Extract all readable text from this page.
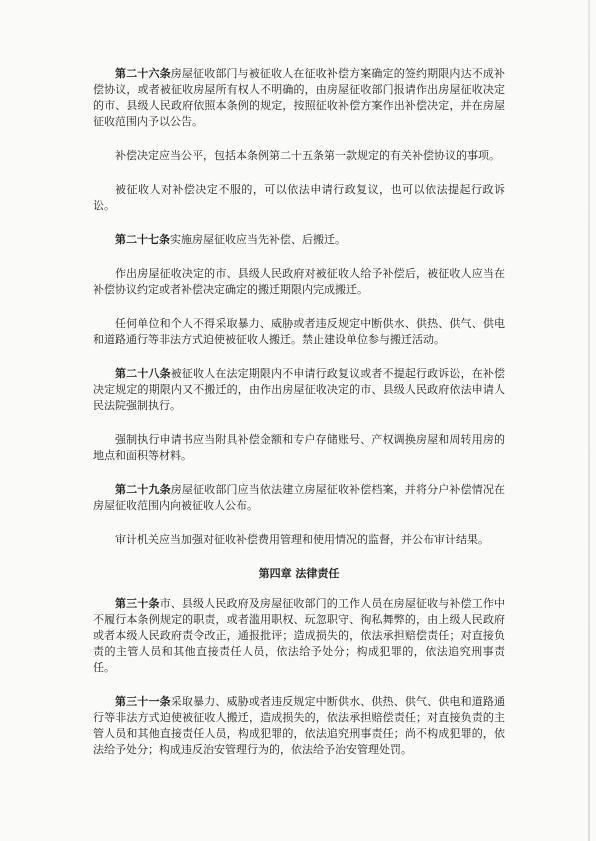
第二十六条房屋征收部门与被征收人在征收补偿方案确定的签约期限内达不成补偿协议，或者被征收房屋所有权人不明确的，由房屋征收部门报请作出房屋征收决定的市、县级人民政府依照本条例的规定，按照征收补偿方案作出补偿决定，并在房屋征收范围内予以公告。

补偿决定应当公平，包括本条例第二十五条第一款规定的有关补偿协议的事项。

被征收人对补偿决定不服的，可以依法申请行政复议，也可以依法提起行政诉讼。

第二十七条实施房屋征收应当先补偿、后搬迁。

作出房屋征收决定的市、县级人民政府对被征收人给予补偿后，被征收人应当在补偿协议约定或者补偿决定确定的搬迁期限内完成搬迁。

任何单位和个人不得采取暴力、威胁或者违反规定中断供水、供热、供气、供电和道路通行等非法方式迫使被征收人搬迁。禁止建设单位参与搬迁活动。

第二十八条被征收人在法定期限内不申请行政复议或者不提起行政诉讼，在补偿决定规定的期限内又不搬迁的，由作出房屋征收决定的市、县级人民政府依法申请人民法院强制执行。

强制执行申请书应当附具补偿金额和专户存储账号、产权调换房屋和周转用房的地点和面积等材料。

第二十九条房屋征收部门应当依法建立房屋征收补偿档案，并将分户补偿情况在房屋征收范围内向被征收人公布。

审计机关应当加强对征收补偿费用管理和使用情况的监督，并公布审计结果。

第四章 法律责任

第三十条市、县级人民政府及房屋征收部门的工作人员在房屋征收与补偿工作中不履行本条例规定的职责，或者滥用职权、玩忽职守、徇私舞弊的，由上级人民政府或者本级人民政府责令改正，通报批评；造成损失的，依法承担赔偿责任；对直接负责的主管人员和其他直接责任人员，依法给予处分；构成犯罪的，依法追究刑事责任。

第三十一条采取暴力、威胁或者违反规定中断供水、供热、供气、供电和道路通行等非法方式迫使被征收人搬迁，造成损失的，依法承担赔偿责任；对直接负责的主管人员和其他直接责任人员，构成犯罪的，依法追究刑事责任；尚不构成犯罪的，依法给予处分；构成违反治安管理行为的，依法给予治安管理处罚。
